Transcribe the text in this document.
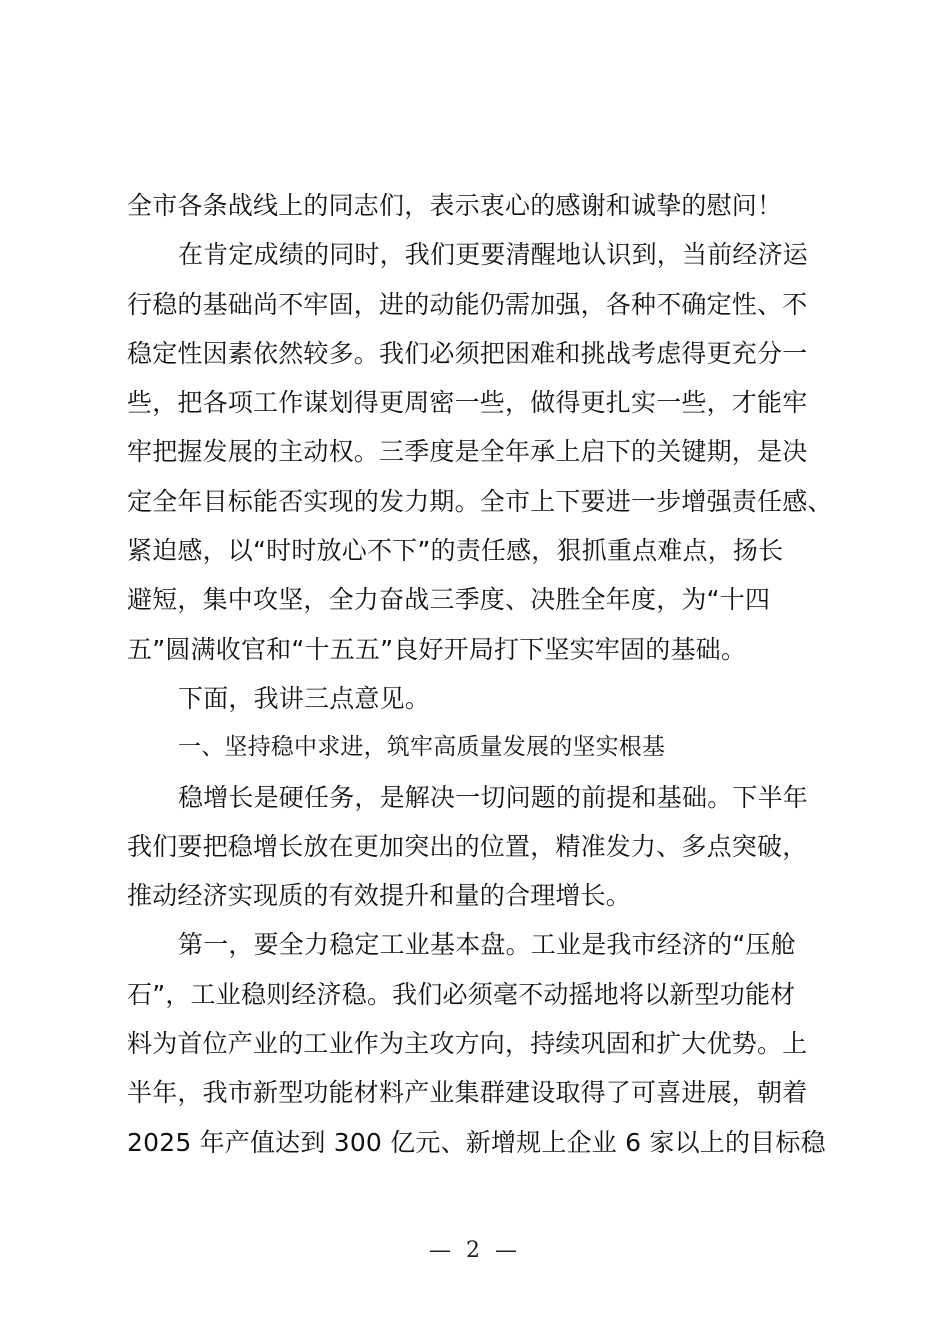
全市各条战线上的同志们，表示衷心的感谢和诚挚的慰问！
在肯定成绩的同时，我们更要清醒地认识到，当前经济运
行稳的基础尚不牢固，进的动能仍需加强，各种不确定性、不
稳定性因素依然较多。我们必须把困难和挑战考虑得更充分一
些，把各项工作谋划得更周密一些，做得更扎实一些，才能牢
牢把握发展的主动权。三季度是全年承上启下的关键期，是决
定全年目标能否实现的发力期。全市上下要进一步增强责任感、
紧迫感，以“时时放心不下”的责任感，狠抓重点难点，扬长
避短，集中攻坚，全力奋战三季度、决胜全年度，为“十四
五”圆满收官和“十五五”良好开局打下坚实牢固的基础。
下面，我讲三点意见。
一、坚持稳中求进，筑牢高质量发展的坚实根基
稳增长是硬任务，是解决一切问题的前提和基础。下半年
我们要把稳增长放在更加突出的位置，精准发力、多点突破，
推动经济实现质的有效提升和量的合理增长。
第一，要全力稳定工业基本盘。工业是我市经济的“压舱
石”，工业稳则经济稳。我们必须毫不动摇地将以新型功能材
料为首位产业的工业作为主攻方向，持续巩固和扩大优势。上
半年，我市新型功能材料产业集群建设取得了可喜进展，朝着
2025 年产值达到 300 亿元、新增规上企业 6 家以上的目标稳
— 2 —
